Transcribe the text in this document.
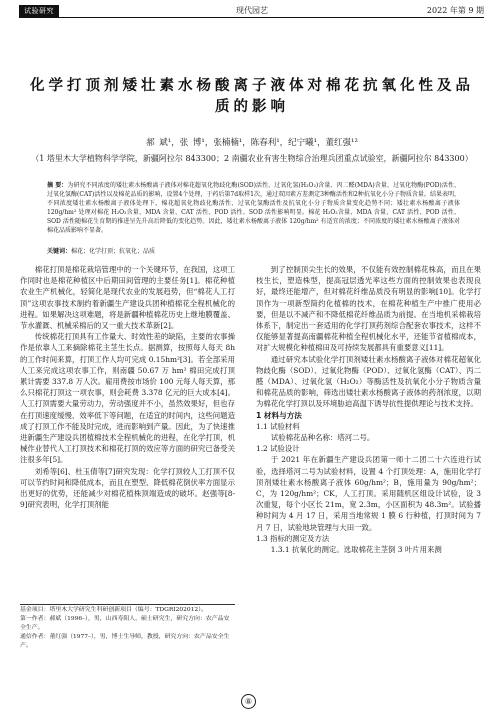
试验研究	现代园艺	2022 年第 9 期
化学打顶剂矮壮素水杨酸离子液体对棉花抗氧化性及品质的影响
郝 斌¹，张 博¹，张楠楠¹，陈春利¹，纪宁曦¹，董红强¹²
（1 塔里木大学植物科学学院，新疆阿拉尔 843300；2 南疆农业有害生物综合治理兵团重点试验室，新疆阿拉尔 843300）
摘 要：为研究不同浓度的矮壮素水杨酸离子液体对棉花超氧化物歧化酶(SOD)活性、过氧化氢(H₂O₂)含量、丙二醛(MDA)含量、过氧化物酶(POD)活性、过氧化氢酶(CAT)活性以及棉花品质的影响，设置4个处理，于药后第7d取样1次，通过双因素方差测定3种酶活性和2种抗氧化小分子物质含量。结果表明，不同浓度矮壮素水杨酸离子液体处理下，棉花超氧化物歧化酶活性、过氧化氢酶活性及抗氧化小分子物质含量变化趋势不同；矮壮素水杨酸离子液体 120g/hm² 处理对棉花 H₂O₂含量、MDA 含量、CAT 活性、POD 活性、SOD 活性影响明显。棉花 H₂O₂含量、MDA 含量、CAT 活性、POD 活性、SOD 活性随棉花生育期的推进呈先升高后降低的变化趋势。因此，矮壮素水杨酸离子液体 120g/hm² 有适宜的浓度；不同浓度的矮壮素水杨酸离子液体对棉花品质影响不显著。
关键词：棉花；化学打顶；抗氧化；品质

棉花打顶是棉花栽培管理中的一个关键环节，在我国，这项工作同时也是棉花种植区中后期田间管理的主要任务[1]。棉花种植农业生产机械化，轻简化是现代农业的发展趋势，但“棉花人工打顶”这项农事技术制约着新疆生产建设兵团种植棉花全程机械化的进程。如果解决这项难题，将是新疆种植棉花历史上继地膜覆盖、节水灌溉、机械采棉后的又一重大技术革新[2]。

传统棉花打顶具有工作量大、时效性差的缺陷，主要的农事操作是依靠人工来摘除棉花主茎生长点。据测算，按照每人每天 8h 的工作时间来算，打顶工作人均可完成 0.15hm²[3]。若全部采用人工来完成这项农事工作，则南疆 50.67 万 hm² 棉田完成打顶累计需要 337.8 万人次。雇用费按市场价 100 元每人每天算，那么只棉花打顶这一项农事，则会耗费 3.378 亿元的巨大成本[4]。人工打顶需要大量劳动力，劳动强度并不小，虽然效果好，但也存在打顶速度缓慢、效率低下等问题，在适宜的时间内，这些问题造成了打顶工作不能及时完成，进而影响到产量。因此，为了快速推进新疆生产建设兵团植棉技术全程机械化的进程，在化学打顶，机械作业替代人工打顶技术和棉花打顶的效应等方面的研究已备受关注很多年[5]。

刘希等[6]、杜玉倩等[7]研究发现：化学打顶较人工打顶不仅可以节约时间和降低成本，而且在塑型、降低棉花倒伏率方面显示出更好的优势，还能减少对棉花植株顶端造成的破坏。赵强等[8-9]研究表明，化学打顶剂能

基金项目：塔里木大学研究生科研创新项目（编号：TDGRI202012）。
第一作者：郝斌（1996–），男，山西寿阳人，硕士研究生，研究方向：农产品安全生产。
通信作者：董红强（1977–），男，博士生导师，教授，研究方向：农产品安全生产。

到了控制顶尖生长的效果，不仅能有效控制棉花株高，而且在果枝生长，塑造株型，提高冠层透光率这些方面的控制效果也表现良好，最终还能增产，但对棉花纤维品质没有明显的影响[10]。化学打顶作为一项新型简约化植棉的技术，在棉花种植生产中推广使用必要，但是以不减产和不降低棉花纤维品质为前提。在当地机采棉栽培体系下，制定出一套适用的化学打顶药剂综合配套农事技术，这样不仅能够显著提高南疆棉花种植全程机械化水平，还能节省植棉成本，对扩大规模化种植棉田及可持续发展都具有重要意义[11]。

通过研究本试验化学打顶剂矮壮素水杨酸离子液体对棉花超氧化物歧化酶（SOD）、过氧化物酶（POD）、过氧化氢酶（CAT）、丙二醛（MDA）、过氧化氢（H₂O₂）等酶活性及抗氧化小分子物质含量和棉花品质的影响，筛选出矮壮素水杨酸离子液体的药剂浓度，以期为棉花化学打顶以及环境胁迫高温下诱导抗性提供理论与技术支持。

1 材料与方法
1.1 试验材料

试验棉花品种名称：塔河二号。

1.2 试验设计

于 2021 年在新疆生产建设兵团第一师十二团二十六连进行试验，选择塔河二号为试验材料，设置 4 个打顶处理：A，施用化学打顶剂矮壮素水杨酸离子液体 60g/hm²；B，施用量为 90g/hm²；C，为 120g/hm²；CK，人工打顶。采用随机区组设计试验，设 3 次重复，每个小区长 21m，宽 2.3m，小区面积为 48.3m²。试验播种时间为 4 月 17 日，采用当地常规 1 膜 6 行种植，打顶时间为 7 月 7 日，试验地块管理与大田一致。

1.3 指标的测定及方法

1.3.1 抗氧化的测定。选取棉花主茎倒 3 叶片用来测

⑧
